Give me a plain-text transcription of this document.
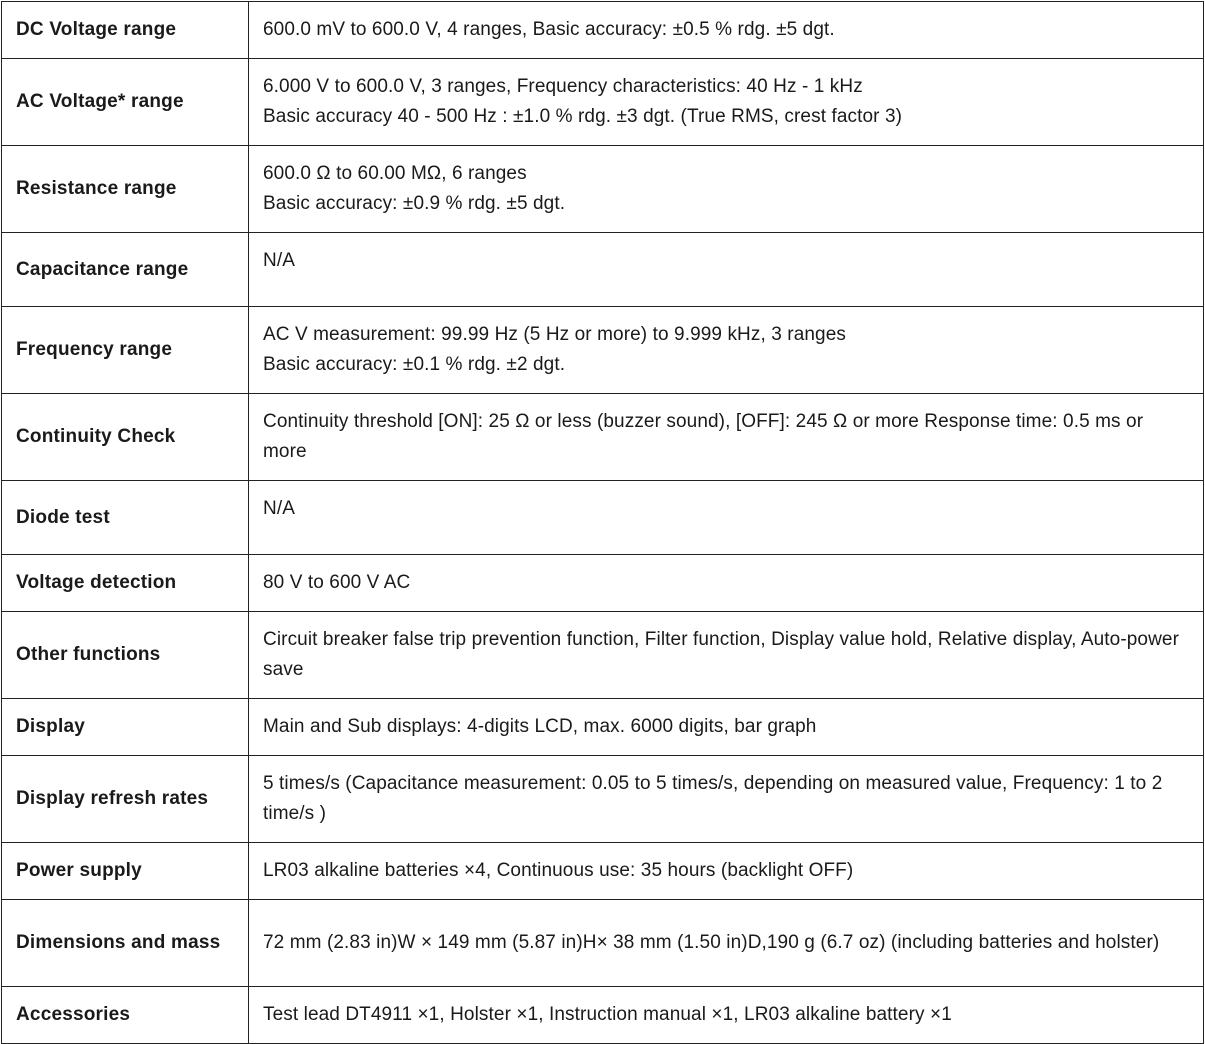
DC Voltage range	600.0 mV to 600.0 V, 4 ranges, Basic accuracy: ±0.5 % rdg. ±5 dgt.

AC Voltage* range	6.000 V to 600.0 V, 3 ranges, Frequency characteristics: 40 Hz - 1 kHz
Basic accuracy 40 - 500 Hz : ±1.0 % rdg. ±3 dgt. (True RMS, crest factor 3)

Resistance range	600.0 Ω to 60.00 MΩ, 6 ranges
Basic accuracy: ±0.9 % rdg. ±5 dgt.

Capacitance range	N/A

Frequency range	AC V measurement: 99.99 Hz (5 Hz or more) to 9.999 kHz, 3 ranges
Basic accuracy: ±0.1 % rdg. ±2 dgt.

Continuity Check	Continuity threshold [ON]: 25 Ω or less (buzzer sound), [OFF]: 245 Ω or more Response time: 0.5 ms or more

Diode test	N/A

Voltage detection	80 V to 600 V AC

Other functions	Circuit breaker false trip prevention function, Filter function, Display value hold, Relative display, Auto-power save

Display	Main and Sub displays: 4-digits LCD, max. 6000 digits, bar graph

Display refresh rates	5 times/s (Capacitance measurement: 0.05 to 5 times/s, depending on measured value, Frequency: 1 to 2 time/s )

Power supply	LR03 alkaline batteries ×4, Continuous use: 35 hours (backlight OFF)

Dimensions and mass	72 mm (2.83 in)W × 149 mm (5.87 in)H× 38 mm (1.50 in)D,190 g (6.7 oz) (including batteries and holster)

Accessories	Test lead DT4911 ×1, Holster ×1, Instruction manual ×1, LR03 alkaline battery ×1
